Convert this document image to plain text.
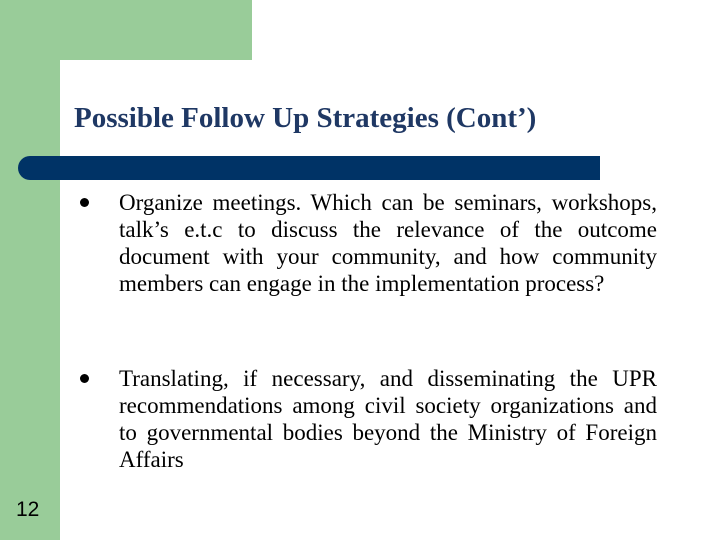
Possible Follow Up Strategies (Cont’)
Organize meetings. Which can be seminars, workshops, talk’s e.t.c to discuss the relevance of the outcome document with your community, and how community members can engage in the implementation process?
Translating, if necessary, and disseminating the UPR recommendations among civil society organizations and to governmental bodies beyond the Ministry of Foreign Affairs
12
